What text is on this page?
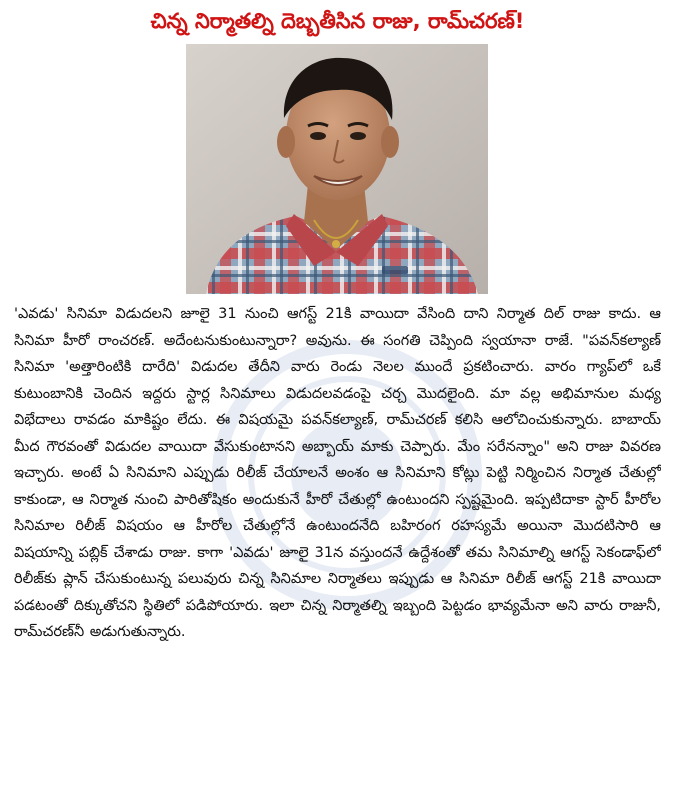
చిన్న నిర్మాతల్ని దెబ్బతీసిన రాజు, రామ్‌చరణ్!

'ఎవడు' సినిమా విడుదలని జూలై 31 నుంచి ఆగస్ట్ 21కి వాయిదా వేసింది దాని నిర్మాత దిల్ రాజు కాదు. ఆ సినిమా హీరో రాంచరణ్. అదేంటనుకుంటున్నారా? అవును. ఈ సంగతి చెప్పింది స్వయానా రాజే. "పవన్‌కల్యాణ్ సినిమా 'అత్తారింటికి దారేది' విడుదల తేదీని వారు రెండు నెలల ముందే ప్రకటించారు. వారం గ్యాప్‌లో ఒకే కుటుంబానికి చెందిన ఇద్దరు స్టార్ల సినిమాలు విడుదలవడంపై చర్చ మొదలైంది. మా వల్ల అభిమానుల మధ్య విభేదాలు రావడం మాకిష్టం లేదు. ఈ విషయమై పవన్‌కల్యాణ్, రామ్‌చరణ్ కలిసి ఆలోచించుకున్నారు. బాబాయ్ మీద గౌరవంతో విడుదల వాయిదా వేసుకుంటానని అబ్బాయ్ మాకు చెప్పారు. మేం సరేనన్నాం" అని రాజు వివరణ ఇచ్చారు. అంటే ఏ సినిమాని ఎప్పుడు రిలీజ్ చేయాలనే అంశం ఆ సినిమాని కోట్లు పెట్టి నిర్మించిన నిర్మాత చేతుల్లో కాకుండా, ఆ నిర్మాత నుంచి పారితోషికం అందుకునే హీరో చేతుల్లో ఉంటుందని స్పష్టమైంది. ఇప్పటిదాకా స్టార్ హీరోల సినిమాల రిలీజ్ విషయం ఆ హీరోల చేతుల్లోనే ఉంటుందనేది బహిరంగ రహస్యమే అయినా మొదటిసారి ఆ విషయాన్ని పబ్లిక్ చేశాడు రాజు. కాగా 'ఎవడు' జూలై 31న వస్తుందనే ఉద్దేశంతో తమ సినిమాల్ని ఆగస్ట్ సెకండాఫ్‌లో రిలీజ్‌కు ప్లాన్ చేసుకుంటున్న పలువురు చిన్న సినిమాల నిర్మాతలు ఇప్పుడు ఆ సినిమా రిలీజ్ ఆగస్ట్ 21కి వాయిదా పడటంతో దిక్కుతోచని స్థితిలో పడిపోయారు. ఇలా చిన్న నిర్మాతల్ని ఇబ్బంది పెట్టడం భావ్యమేనా అని వారు రాజునీ, రామ్‌చరణ్‌నీ అడుగుతున్నారు.
